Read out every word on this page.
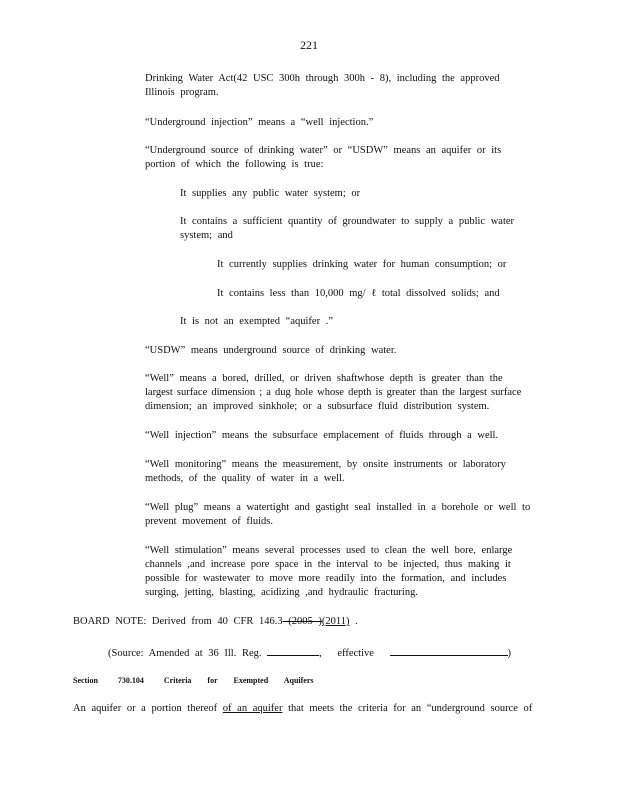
221
Drinking Water Act(42 USC 300h through 300h - 8), including the approved
Illinois program.
“Underground injection” means a “well injection.”
“Underground source of drinking water” or “USDW” means an aquifer or its
portion of which the following is true:
It supplies any public water system; or
It contains a sufficient quantity of groundwater to supply a public water
system; and
It currently supplies drinking water for human consumption; or
It contains less than 10,000 mg/ ℓ total dissolved solids; and
It is not an exempted “aquifer .”
“USDW” means underground source of drinking water.
“Well” means a bored, drilled, or driven shaftwhose depth is greater than the
largest surface dimension ; a dug hole whose depth is greater than the largest surface
dimension; an improved sinkhole; or a subsurface fluid distribution system.
“Well injection” means the subsurface emplacement of fluids through a well.
“Well monitoring” means the measurement, by onsite instruments or laboratory
methods, of the quality of water in a well.
“Well plug” means a watertight and gastight seal installed in a borehole or well to
prevent movement of fluids.
“Well stimulation” means several processes used to clean the well bore, enlarge
channels ,and increase pore space in the interval to be injected, thus making it
possible for wastewater to move more readily into the formation, and includes
surging, jetting, blasting, acidizing ,and hydraulic fracturing.
BOARD NOTE: Derived from 40 CFR 146.3 (2005 )(2011) .
(Source: Amended at 36 Ill. Reg.	, effective	)
Section	730.104	Criteria for Exempted Aquifers
An aquifer or a portion thereof of an aquifer that meets the criteria for an “underground source of
